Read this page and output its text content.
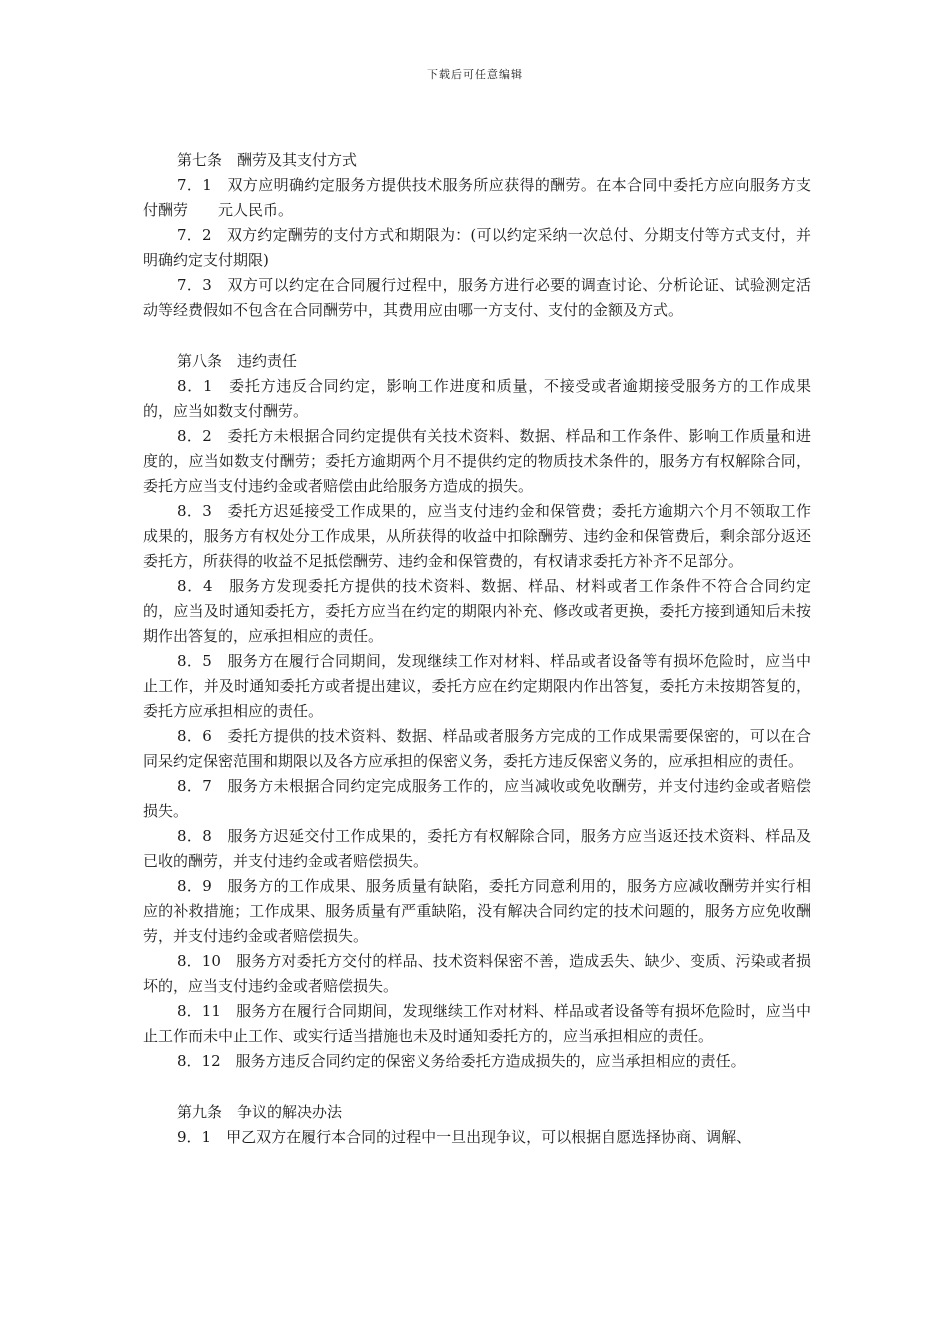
下载后可任意编辑

第七条　酬劳及其支付方式

7．1　双方应明确约定服务方提供技术服务所应获得的酬劳。在本合同中委托方应向服务方支付酬劳　　元人民币。

7．2　双方约定酬劳的支付方式和期限为：(可以约定采纳一次总付、分期支付等方式支付，并明确约定支付期限)

7．3　双方可以约定在合同履行过程中，服务方进行必要的调查讨论、分析论证、试验测定活动等经费假如不包含在合同酬劳中，其费用应由哪一方支付、支付的金额及方式。

第八条　违约责任

8．1　委托方违反合同约定，影响工作进度和质量，不接受或者逾期接受服务方的工作成果的，应当如数支付酬劳。

8．2　委托方未根据合同约定提供有关技术资料、数据、样品和工作条件、影响工作质量和进度的，应当如数支付酬劳；委托方逾期两个月不提供约定的物质技术条件的，服务方有权解除合同，委托方应当支付违约金或者赔偿由此给服务方造成的损失。

8．3　委托方迟延接受工作成果的，应当支付违约金和保管费；委托方逾期六个月不领取工作成果的，服务方有权处分工作成果，从所获得的收益中扣除酬劳、违约金和保管费后，剩余部分返还委托方，所获得的收益不足抵偿酬劳、违约金和保管费的，有权请求委托方补齐不足部分。

8．4　服务方发现委托方提供的技术资料、数据、样品、材料或者工作条件不符合合同约定的，应当及时通知委托方，委托方应当在约定的期限内补充、修改或者更换，委托方接到通知后未按期作出答复的，应承担相应的责任。

8．5　服务方在履行合同期间，发现继续工作对材料、样品或者设备等有损坏危险时，应当中止工作，并及时通知委托方或者提出建议，委托方应在约定期限内作出答复，委托方未按期答复的，委托方应承担相应的责任。

8．6　委托方提供的技术资料、数据、样品或者服务方完成的工作成果需要保密的，可以在合同呆约定保密范围和期限以及各方应承担的保密义务，委托方违反保密义务的，应承担相应的责任。

8．7　服务方未根据合同约定完成服务工作的，应当减收或免收酬劳，并支付违约金或者赔偿损失。

8．8　服务方迟延交付工作成果的，委托方有权解除合同，服务方应当返还技术资料、样品及已收的酬劳，并支付违约金或者赔偿损失。

8．9　服务方的工作成果、服务质量有缺陷，委托方同意利用的，服务方应减收酬劳并实行相应的补救措施；工作成果、服务质量有严重缺陷，没有解决合同约定的技术问题的，服务方应免收酬劳，并支付违约金或者赔偿损失。

8．10　服务方对委托方交付的样品、技术资料保密不善，造成丢失、缺少、变质、污染或者损坏的，应当支付违约金或者赔偿损失。

8．11　服务方在履行合同期间，发现继续工作对材料、样品或者设备等有损坏危险时，应当中止工作而未中止工作、或实行适当措施也未及时通知委托方的，应当承担相应的责任。

8．12　服务方违反合同约定的保密义务给委托方造成损失的，应当承担相应的责任。

第九条　争议的解决办法

9．1　甲乙双方在履行本合同的过程中一旦出现争议，可以根据自愿选择协商、调解、
